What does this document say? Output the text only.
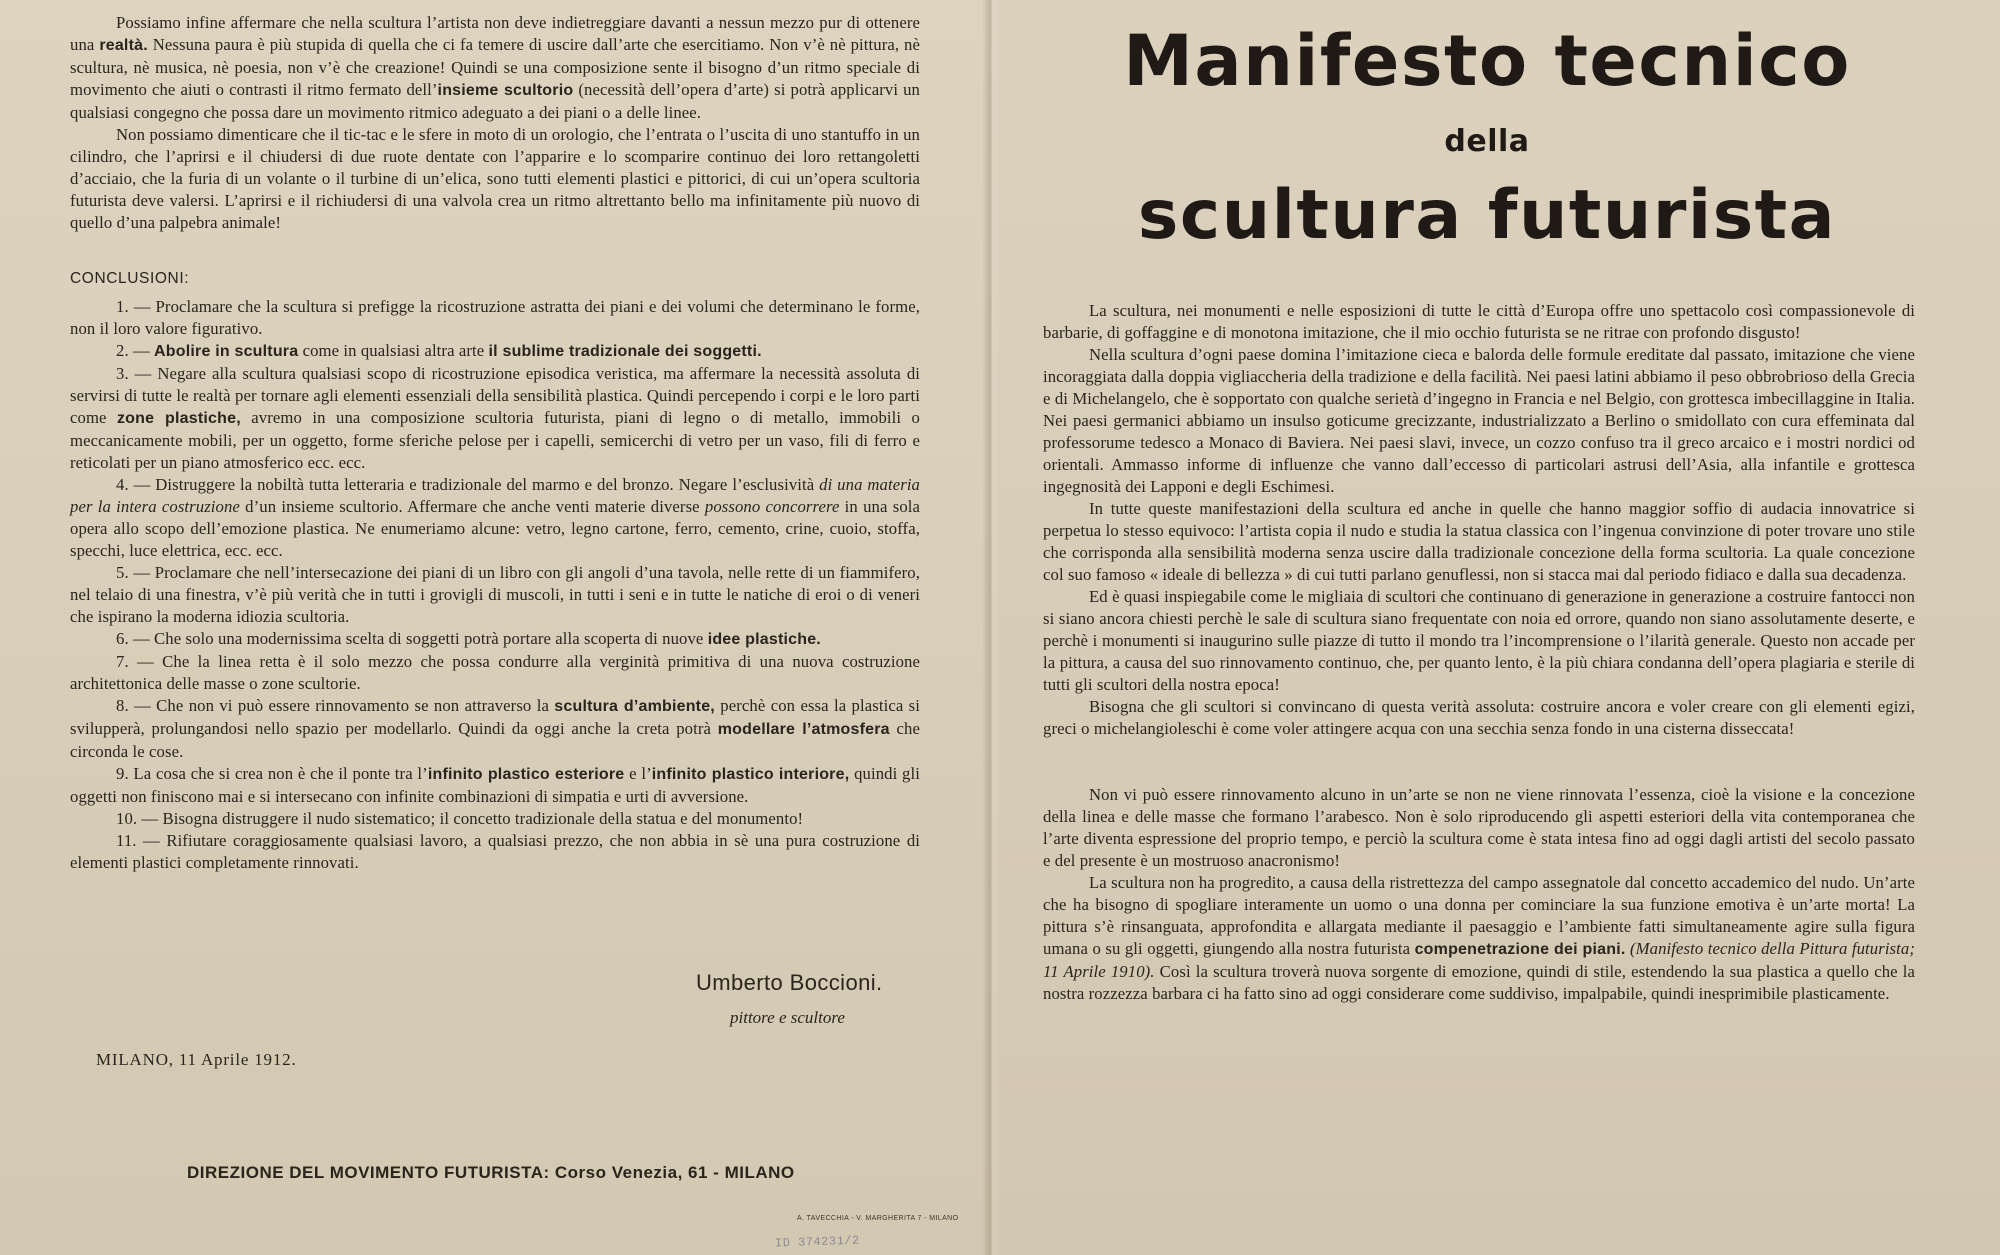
Possiamo infine affermare che nella scultura l’artista non deve indietreggiare davanti a nessun mezzo pur di ottenere una realtà. Nessuna paura è più stupida di quella che ci fa temere di uscire dall’arte che esercitiamo. Non v’è nè pittura, nè scultura, nè musica, nè poesia, non v’è che creazione! Quindi se una composizione sente il bisogno d’un ritmo speciale di movimento che aiuti o contrasti il ritmo fermato dell’insieme scultorio (necessità dell’opera d’arte) si potrà applicarvi un qualsiasi congegno che possa dare un movimento ritmico adeguato a dei piani o a delle linee.

Non possiamo dimenticare che il tic-tac e le sfere in moto di un orologio, che l’entrata o l’uscita di uno stantuffo in un cilindro, che l’aprirsi e il chiudersi di due ruote dentate con l’apparire e lo scomparire continuo dei loro rettangoletti d’acciaio, che la furia di un volante o il turbine di un’elica, sono tutti elementi plastici e pittorici, di cui un’opera scultoria futurista deve valersi. L’aprirsi e il richiudersi di una valvola crea un ritmo altrettanto bello ma infinitamente più nuovo di quello d’una palpebra animale!

CONCLUSIONI:

1. — Proclamare che la scultura si prefigge la ricostruzione astratta dei piani e dei volumi che determinano le forme, non il loro valore figurativo.

2. — Abolire in scultura come in qualsiasi altra arte il sublime tradizionale dei soggetti.

3. — Negare alla scultura qualsiasi scopo di ricostruzione episodica veristica, ma affermare la necessità assoluta di servirsi di tutte le realtà per tornare agli elementi essenziali della sensibilità plastica. Quindi percependo i corpi e le loro parti come zone plastiche, avremo in una composizione scultoria futurista, piani di legno o di metallo, immobili o meccanicamente mobili, per un oggetto, forme sferiche pelose per i capelli, semicerchi di vetro per un vaso, fili di ferro e reticolati per un piano atmosferico ecc. ecc.

4. — Distruggere la nobiltà tutta letteraria e tradizionale del marmo e del bronzo. Negare l’esclusività di una materia per la intera costruzione d’un insieme scultorio. Affermare che anche venti materie diverse possono concorrere in una sola opera allo scopo dell’emozione plastica. Ne enumeriamo alcune: vetro, legno cartone, ferro, cemento, crine, cuoio, stoffa, specchi, luce elettrica, ecc. ecc.

5. — Proclamare che nell’intersecazione dei piani di un libro con gli angoli d’una tavola, nelle rette di un fiammifero, nel telaio di una finestra, v’è più verità che in tutti i grovigli di muscoli, in tutti i seni e in tutte le natiche di eroi o di veneri che ispirano la moderna idiozia scultoria.

6. — Che solo una modernissima scelta di soggetti potrà portare alla scoperta di nuove idee plastiche.

7. — Che la linea retta è il solo mezzo che possa condurre alla verginità primitiva di una nuova costruzione architettonica delle masse o zone scultorie.

8. — Che non vi può essere rinnovamento se non attraverso la scultura d’ambiente, perchè con essa la plastica si svilupperà, prolungandosi nello spazio per modellarlo. Quindi da oggi anche la creta potrà modellare l’atmosfera che circonda le cose.

9. La cosa che si crea non è che il ponte tra l’infinito plastico esteriore e l’infinito plastico interiore, quindi gli oggetti non finiscono mai e si intersecano con infinite combinazioni di simpatia e urti di avversione.

10. — Bisogna distruggere il nudo sistematico; il concetto tradizionale della statua e del monumento!

11. — Rifiutare coraggiosamente qualsiasi lavoro, a qualsiasi prezzo, che non abbia in sè una pura costruzione di elementi plastici completamente rinnovati.

Umberto Boccioni.
pittore e scultore
MILANO, 11 Aprile 1912.
DIREZIONE DEL MOVIMENTO FUTURISTA: Corso Venezia, 61 - MILANO
A. TAVECCHIA - V. MARGHERITA 7 - MILANO
ID 374231/2
Manifesto tecnico
della
scultura futurista

La scultura, nei monumenti e nelle esposizioni di tutte le città d’Europa offre uno spettacolo così compassionevole di barbarie, di goffaggine e di monotona imitazione, che il mio occhio futurista se ne ritrae con profondo disgusto!

Nella scultura d’ogni paese domina l’imitazione cieca e balorda delle formule ereditate dal passato, imitazione che viene incoraggiata dalla doppia vigliaccheria della tradizione e della facilità. Nei paesi latini abbiamo il peso obbrobrioso della Grecia e di Michelangelo, che è sopportato con qualche serietà d’ingegno in Francia e nel Belgio, con grottesca imbecillaggine in Italia. Nei paesi germanici abbiamo un insulso goticume grecizzante, industrializzato a Berlino o smidollato con cura effeminata dal professorume tedesco a Monaco di Baviera. Nei paesi slavi, invece, un cozzo confuso tra il greco arcaico e i mostri nordici od orientali. Ammasso informe di influenze che vanno dall’eccesso di particolari astrusi dell’Asia, alla infantile e grottesca ingegnosità dei Lapponi e degli Eschimesi.

In tutte queste manifestazioni della scultura ed anche in quelle che hanno maggior soffio di audacia innovatrice si perpetua lo stesso equivoco: l’artista copia il nudo e studia la statua classica con l’ingenua convinzione di poter trovare uno stile che corrisponda alla sensibilità moderna senza uscire dalla tradizionale concezione della forma scultoria. La quale concezione col suo famoso « ideale di bellezza » di cui tutti parlano genuflessi, non si stacca mai dal periodo fidiaco e dalla sua decadenza.

Ed è quasi inspiegabile come le migliaia di scultori che continuano di generazione in generazione a costruire fantocci non si siano ancora chiesti perchè le sale di scultura siano frequentate con noia ed orrore, quando non siano assolutamente deserte, e perchè i monumenti si inaugurino sulle piazze di tutto il mondo tra l’incomprensione o l’ilarità generale. Questo non accade per la pittura, a causa del suo rinnovamento continuo, che, per quanto lento, è la più chiara condanna dell’opera plagiaria e sterile di tutti gli scultori della nostra epoca!

Bisogna che gli scultori si convincano di questa verità assoluta: costruire ancora e voler creare con gli elementi egizi, greci o michelangioleschi è come voler attingere acqua con una secchia senza fondo in una cisterna disseccata!

Non vi può essere rinnovamento alcuno in un’arte se non ne viene rinnovata l’essenza, cioè la visione e la concezione della linea e delle masse che formano l’arabesco. Non è solo riproducendo gli aspetti esteriori della vita contemporanea che l’arte diventa espressione del proprio tempo, e perciò la scultura come è stata intesa fino ad oggi dagli artisti del secolo passato e del presente è un mostruoso anacronismo!

La scultura non ha progredito, a causa della ristrettezza del campo assegnatole dal concetto accademico del nudo. Un’arte che ha bisogno di spogliare interamente un uomo o una donna per cominciare la sua funzione emotiva è un’arte morta! La pittura s’è rinsanguata, approfondita e allargata mediante il paesaggio e l’ambiente fatti simultaneamente agire sulla figura umana o su gli oggetti, giungendo alla nostra futurista compenetrazione dei piani. (Manifesto tecnico della Pittura futurista; 11 Aprile 1910). Così la scultura troverà nuova sorgente di emozione, quindi di stile, estendendo la sua plastica a quello che la nostra rozzezza barbara ci ha fatto sino ad oggi considerare come suddiviso, impalpabile, quindi inesprimibile plasticamente.
